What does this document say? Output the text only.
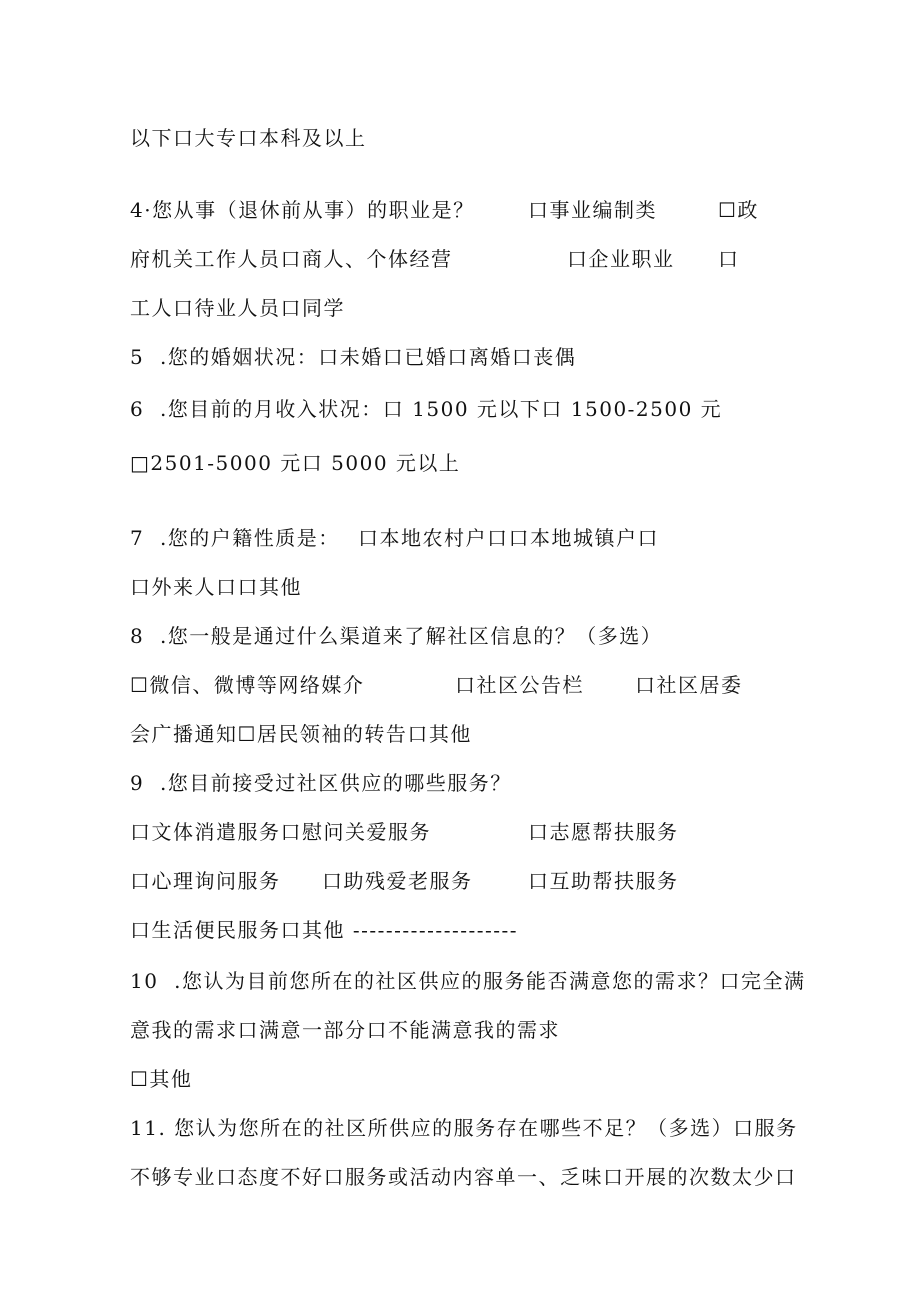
以下口大专口本科及以上
4·您从事（退休前从事）的职业是？	口事业编制类	☐政
府机关工作人员口商人、个体经营	口企业职业 口
工人口待业人员口同学
5  .您的婚姻状况：口未婚口已婚口离婚口丧偶
6  .您目前的月收入状况：口 1500 元以下口 1500-2500 元
□2501-5000 元口 5000 元以上
7  .您的户籍性质是： 口本地农村户口口本地城镇户口
口外来人口口其他
8  .您一般是通过什么渠道来了解社区信息的？（多选）
☐微信、微博等网络媒介	口社区公告栏	口社区居委
会广播通知☐居民领袖的转告口其他
9  .您目前接受过社区供应的哪些服务？
口文体消遣服务口慰问关爱服务	口志愿帮扶服务
口心理询问服务 口助残爱老服务	口互助帮扶服务
口生活便民服务口其他 --------------------
10  .您认为目前您所在的社区供应的服务能否满意您的需求？口完全满
意我的需求口满意一部分口不能满意我的需求
☐其他
11. 您认为您所在的社区所供应的服务存在哪些不足？（多选）口服务
不够专业口态度不好口服务或活动内容单一、乏味口开展的次数太少口
